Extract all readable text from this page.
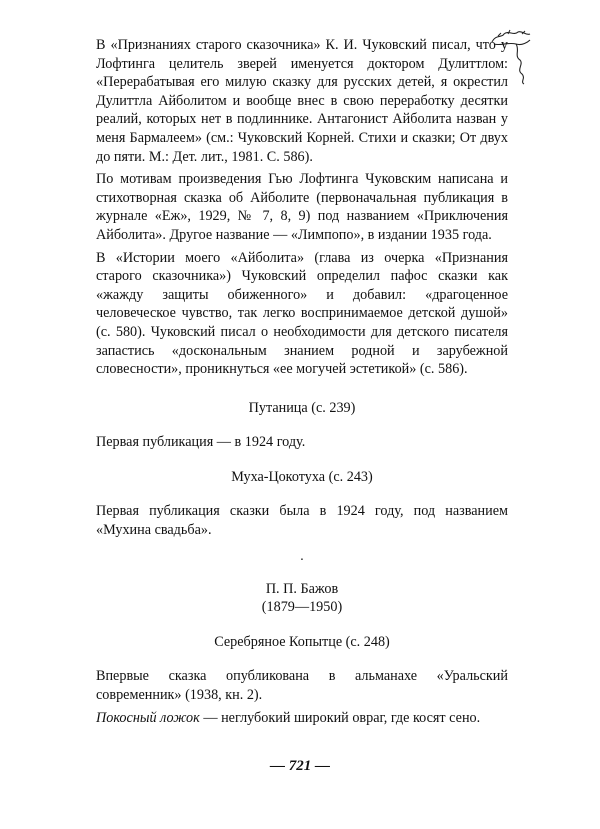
В «Признаниях старого сказочника» К. И. Чуковский писал, что у Лофтинга целитель зверей именуется доктором Дулиттлом: «Перерабатывая его милую сказку для русских детей, я окрестил Дулиттла Айболитом и вообще внес в свою переработку десятки реалий, которых нет в подлиннике. Антагонист Айболита назван у меня Бармалеем» (см.: Чуковский Корней. Стихи и сказки; От двух до пяти. М.: Дет. лит., 1981. С. 586).

По мотивам произведения Гью Лофтинга Чуковским написана и стихотворная сказка об Айболите (первоначальная публикация в журнале «Еж», 1929, № 7, 8, 9) под названием «Приключения Айболита». Другое название — «Лимпопо», в издании 1935 года.

В «Истории моего «Айболита» (глава из очерка «Признания старого сказочника») Чуковский определил пафос сказки как «жажду защиты обиженного» и добавил: «драгоценное человеческое чувство, так легко воспринимаемое детской душой» (с. 580). Чуковский писал о необходимости для детского писателя запастись «доскональным знанием родной и зарубежной словесности», проникнуться «ее могучей эстетикой» (с. 586).

Путаница (с. 239)

Первая публикация — в 1924 году.

Муха-Цокотуха (с. 243)

Первая публикация сказки была в 1924 году, под названием «Мухина свадьба».

·

П. П. Бажов

(1879—1950)

Серебряное Копытце (с. 248)

Впервые сказка опубликована в альманахе «Уральский современник» (1938, кн. 2).

Покосный ложок — неглубокий широкий овраг, где косят сено.

— 721 —
